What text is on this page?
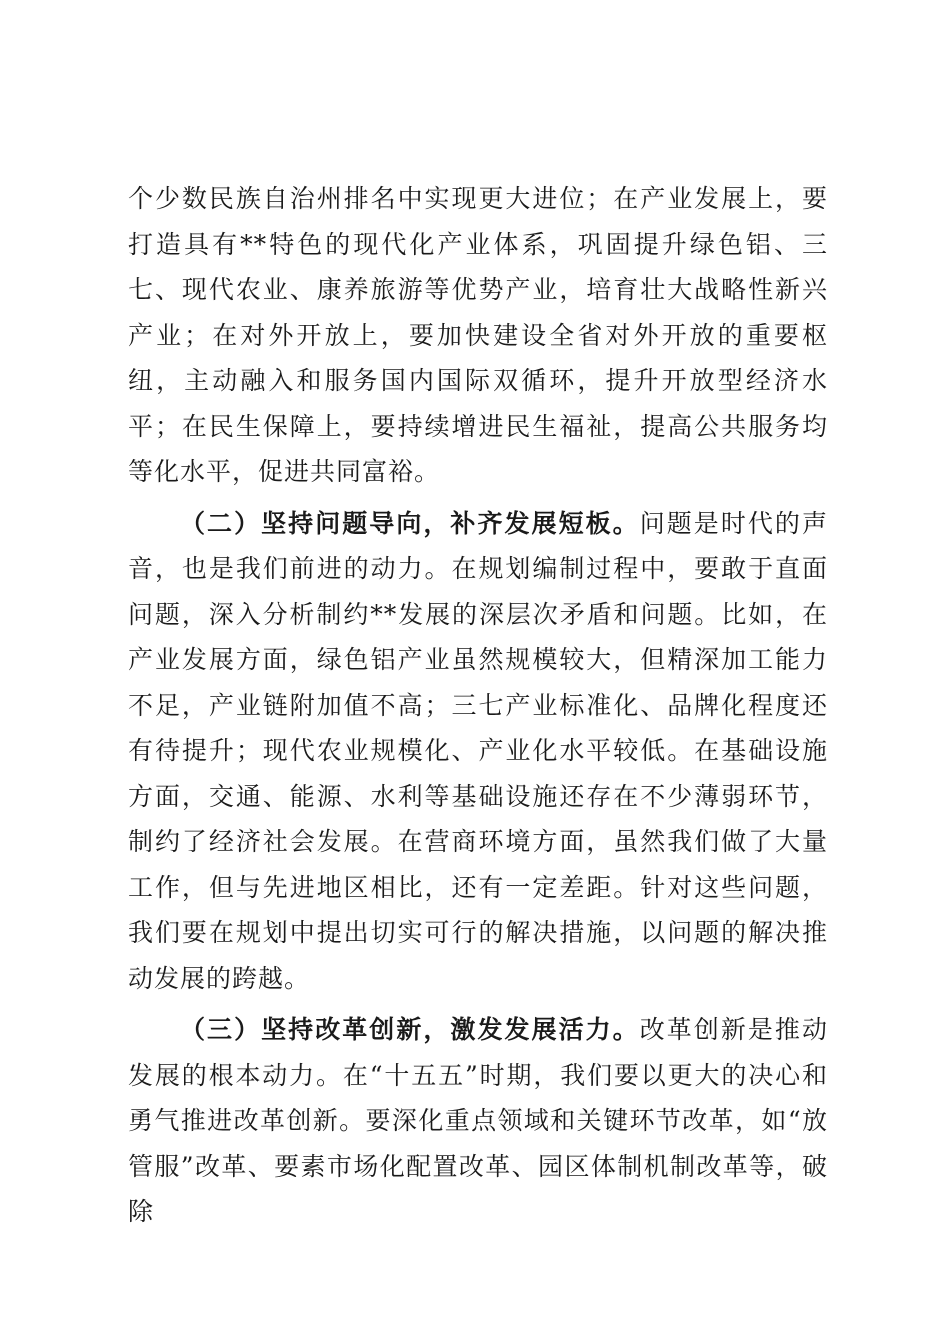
个少数民族自治州排名中实现更大进位；在产业发展上，要打造具有**特色的现代化产业体系，巩固提升绿色铝、三七、现代农业、康养旅游等优势产业，培育壮大战略性新兴产业；在对外开放上，要加快建设全省对外开放的重要枢纽，主动融入和服务国内国际双循环，提升开放型经济水平；在民生保障上，要持续增进民生福祉，提高公共服务均等化水平，促进共同富裕。

（二）坚持问题导向，补齐发展短板。问题是时代的声音，也是我们前进的动力。在规划编制过程中，要敢于直面问题，深入分析制约**发展的深层次矛盾和问题。比如，在产业发展方面，绿色铝产业虽然规模较大，但精深加工能力不足，产业链附加值不高；三七产业标准化、品牌化程度还有待提升；现代农业规模化、产业化水平较低。在基础设施方面，交通、能源、水利等基础设施还存在不少薄弱环节，制约了经济社会发展。在营商环境方面，虽然我们做了大量工作，但与先进地区相比，还有一定差距。针对这些问题，我们要在规划中提出切实可行的解决措施，以问题的解决推动发展的跨越。

（三）坚持改革创新，激发发展活力。改革创新是推动发展的根本动力。在“十五五”时期，我们要以更大的决心和勇气推进改革创新。要深化重点领域和关键环节改革，如“放管服”改革、要素市场化配置改革、园区体制机制改革等，破除
